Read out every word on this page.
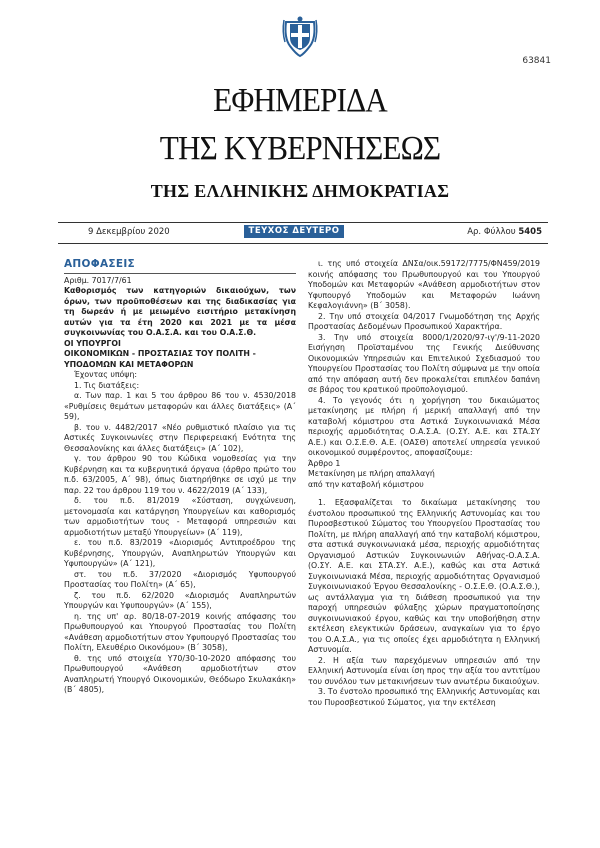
63841
ΕΦΗΜΕΡΙΔΑ
ΤΗΣ ΚΥΒΕΡΝΗΣΕΩΣ
ΤΗΣ ΕΛΛΗΝΙΚΗΣ ΔΗΜΟΚΡΑΤΙΑΣ
9 Δεκεμβρίου 2020	ΤΕΥΧΟΣ ΔΕΥΤΕΡΟ	Αρ. Φύλλου 5405
ΑΠΟΦΑΣΕΙΣ

Αριθμ. 7017/7/61

Καθορισμός των κατηγοριών δικαιούχων, των όρων, των προϋποθέσεων και της διαδικασίας για τη δωρεάν ή με μειωμένο εισιτήριο μετακίνηση αυτών για τα έτη 2020 και 2021 με τα μέσα συγκοινωνίας του Ο.Α.Σ.Α. και του Ο.Α.Σ.Θ.

ΟΙ ΥΠΟΥΡΓΟΙ
ΟΙΚΟΝΟΜΙΚΩΝ - ΠΡΟΣΤΑΣΙΑΣ ΤΟΥ ΠΟΛΙΤΗ -
ΥΠΟΔΟΜΩΝ ΚΑΙ ΜΕΤΑΦΟΡΩΝ

Έχοντας υπόψη:

1. Τις διατάξεις:

α. Των παρ. 1 και 5 του άρθρου 86 του ν. 4530/2018 «Ρυθμίσεις θεμάτων μεταφορών και άλλες διατάξεις» (Α΄ 59),

β. του ν. 4482/2017 «Νέο ρυθμιστικό πλαίσιο για τις Αστικές Συγκοινωνίες στην Περιφερειακή Ενότητα της Θεσσαλονίκης και άλλες διατάξεις» (Α΄ 102),

γ. του άρθρου 90 του Κώδικα νομοθεσίας για την Κυβέρνηση και τα κυβερνητικά όργανα (άρθρο πρώτο του π.δ. 63/2005, Α΄ 98), όπως διατηρήθηκε σε ισχύ με την παρ. 22 του άρθρου 119 του ν. 4622/2019 (Α΄ 133),

δ. του π.δ. 81/2019 «Σύσταση, συγχώνευση, μετονομασία και κατάργηση Υπουργείων και καθορισμός των αρμοδιοτήτων τους - Μεταφορά υπηρεσιών και αρμοδιοτήτων μεταξύ Υπουργείων» (Α΄ 119),

ε. του π.δ. 83/2019 «Διορισμός Αντιπροέδρου της Κυβέρνησης, Υπουργών, Αναπληρωτών Υπουργών και Υφυπουργών» (Α΄ 121),

στ. του π.δ. 37/2020 «Διορισμός Υφυπουργού Προστασίας του Πολίτη» (Α΄ 65),

ζ. του π.δ. 62/2020 «Διορισμός Αναπληρωτών Υπουργών και Υφυπουργών» (Α΄ 155),

η. της υπ' αρ. 80/18-07-2019 κοινής απόφασης του Πρωθυπουργού και Υπουργού Προστασίας του Πολίτη «Ανάθεση αρμοδιοτήτων στον Υφυπουργό Προστασίας του Πολίτη, Ελευθέριο Οικονόμου» (Β΄ 3058),

θ. της υπό στοιχεία Υ70/30-10-2020 απόφασης του Πρωθυπουργού «Ανάθεση αρμοδιοτήτων στον Αναπληρωτή Υπουργό Οικονομικών, Θεόδωρο Σκυλακάκη» (Β΄ 4805),

ι. της υπό στοιχεία ΔΝΣα/οικ.59172/7775/ΦΝ459/2019 κοινής απόφασης του Πρωθυπουργού και του Υπουργού Υποδομών και Μεταφορών «Ανάθεση αρμοδιοτήτων στον Υφυπουργό Υποδομών και Μεταφορών Ιωάννη Κεφαλογιάννη» (Β΄ 3058).

2. Την υπό στοιχεία 04/2017 Γνωμοδότηση της Αρχής Προστασίας Δεδομένων Προσωπικού Χαρακτήρα.

3. Την υπό στοιχεία 8000/1/2020/97-ιγ'/9-11-2020 Εισήγηση Προϊσταμένου της Γενικής Διεύθυνσης Οικονομικών Υπηρεσιών και Επιτελικού Σχεδιασμού του Υπουργείου Προστασίας του Πολίτη σύμφωνα με την οποία από την απόφαση αυτή δεν προκαλείται επιπλέον δαπάνη σε βάρος του κρατικού προϋπολογισμού.

4. Το γεγονός ότι η χορήγηση του δικαιώματος μετακίνησης με πλήρη ή μερική απαλλαγή από την καταβολή κόμιστρου στα Αστικά Συγκοινωνιακά Μέσα περιοχής αρμοδιότητας Ο.Α.Σ.Α. (Ο.ΣΥ. Α.Ε. και ΣΤΑ.ΣΥ Α.Ε.) και Ο.Σ.Ε.Θ. Α.Ε. (ΟΑΣΘ) αποτελεί υπηρεσία γενικού οικονομικού συμφέροντος, αποφασίζουμε:

Άρθρο 1

Μετακίνηση με πλήρη απαλλαγή
από την καταβολή κόμιστρου

1. Εξασφαλίζεται το δικαίωμα μετακίνησης του ένστολου προσωπικού της Ελληνικής Αστυνομίας και του Πυροσβεστικού Σώματος του Υπουργείου Προστασίας του Πολίτη, με πλήρη απαλλαγή από την καταβολή κόμιστρου, στα αστικά συγκοινωνιακά μέσα, περιοχής αρμοδιότητας Οργανισμού Αστικών Συγκοινωνιών Αθήνας-Ο.Α.Σ.Α. (Ο.ΣΥ. Α.Ε. και ΣΤΑ.ΣΥ. Α.Ε.), καθώς και στα Αστικά Συγκοινωνιακά Μέσα, περιοχής αρμοδιότητας Οργανισμού Συγκοινωνιακού Έργου Θεσσαλονίκης - Ο.Σ.Ε.Θ. (Ο.Α.Σ.Θ.), ως αντάλλαγμα για τη διάθεση προσωπικού για την παροχή υπηρεσιών φύλαξης χώρων πραγματοποίησης συγκοινωνιακού έργου, καθώς και την υποβοήθηση στην εκτέλεση ελεγκτικών δράσεων, αναγκαίων για το έργο του Ο.Α.Σ.Α., για τις οποίες έχει αρμοδιότητα η Ελληνική Αστυνομία.

2. Η αξία των παρεχόμενων υπηρεσιών από την Ελληνική Αστυνομία είναι ίση προς την αξία του αντιτίμου του συνόλου των μετακινήσεων των ανωτέρω δικαιούχων.

3. Το ένστολο προσωπικό της Ελληνικής Αστυνομίας και του Πυροσβεστικού Σώματος, για την εκτέλεση
